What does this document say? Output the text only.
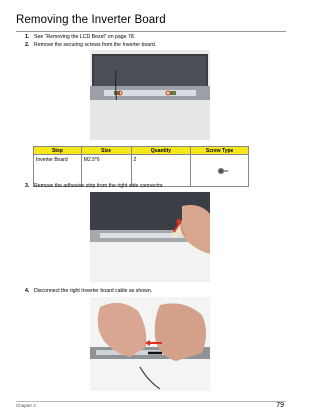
Removing the Inverter Board
1. See “Removing the LCD Bezel” on page 78.
2. Remove the securing screws from the Inverter board.
Step	Size	Quantity	Screw Type
Inverter Board	M2.5*6	2	
3. Remove the adhesive strip from the right side connector.
4. Disconnect the right Inverter board cable as shown.
Chapter 3	79
